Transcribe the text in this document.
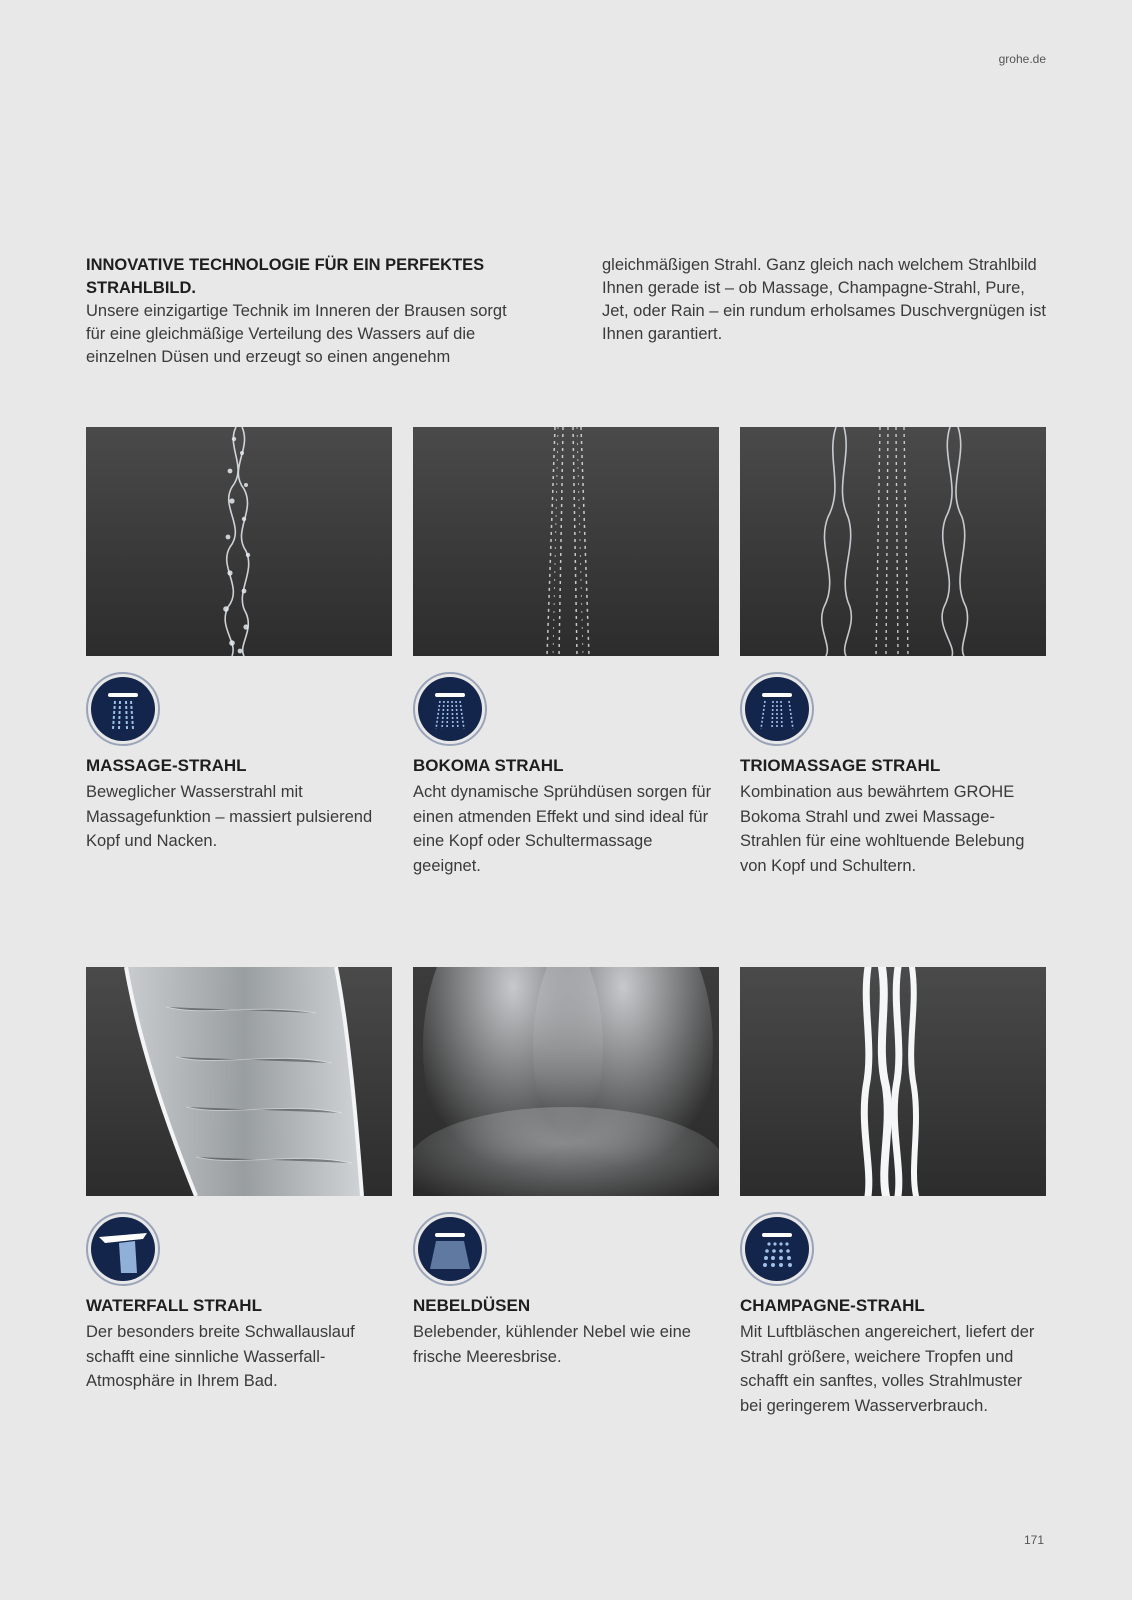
grohe.de
INNOVATIVE TECHNOLOGIE FÜR EIN PERFEKTES STRAHLBILD.

Unsere einzigartige Technik im Inneren der Brausen sorgt für eine gleichmäßige Verteilung des Wassers auf die einzelnen Düsen und erzeugt so einen angenehm

gleichmäßigen Strahl. Ganz gleich nach welchem Strahlbild Ihnen gerade ist – ob Massage, Champagne-Strahl, Pure, Jet, oder Rain – ein rundum erholsames Duschvergnügen ist Ihnen garantiert.

MASSAGE-STRAHL

Beweglicher Wasserstrahl mit Massagefunktion – massiert pulsierend Kopf und Nacken.

BOKOMA STRAHL

Acht dynamische Sprühdüsen sorgen für einen atmenden Effekt und sind ideal für eine Kopf oder Schultermassage geeignet.

TRIOMASSAGE STRAHL

Kombination aus bewährtem GROHE Bokoma Strahl und zwei Massage-Strahlen für eine wohltuende Belebung von Kopf und Schultern.

WATERFALL STRAHL

Der besonders breite Schwallauslauf schafft eine sinnliche Wasserfall-Atmosphäre in Ihrem Bad.

NEBELDÜSEN

Belebender, kühlender Nebel wie eine frische Meeresbrise.

CHAMPAGNE-STRAHL

Mit Luftbläschen angereichert, liefert der Strahl größere, weichere Tropfen und schafft ein sanftes, volles Strahlmuster bei geringerem Wasserverbrauch.

171
